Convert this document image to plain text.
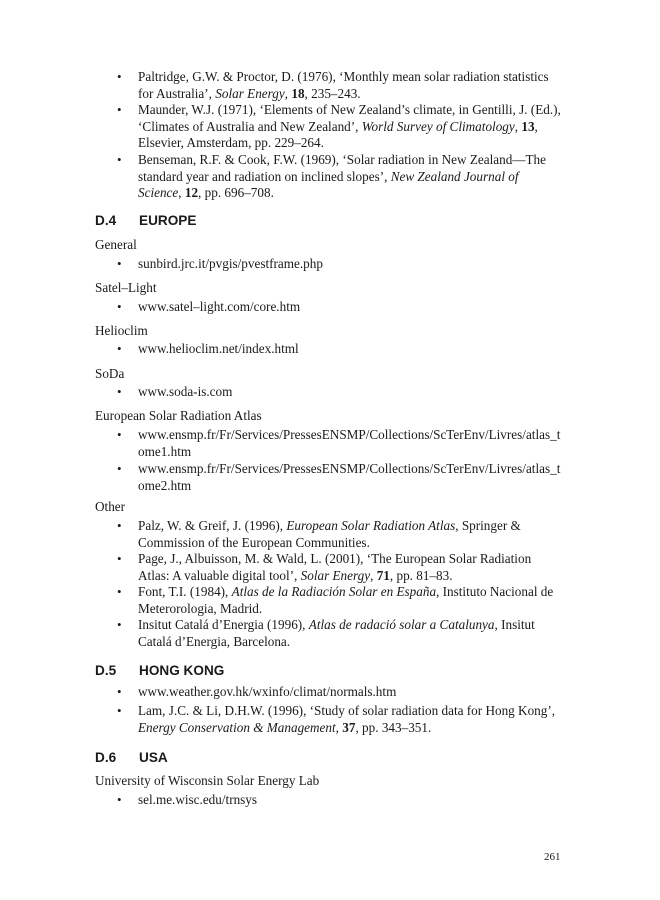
• Paltridge, G.W. & Proctor, D. (1976), ‘Monthly mean solar radiation statistics for Australia’, Solar Energy, 18, 235–243.
• Maunder, W.J. (1971), ‘Elements of New Zealand’s climate, in Gentilli, J. (Ed.), ‘Climates of Australia and New Zealand’, World Survey of Climatology, 13, Elsevier, Amsterdam, pp. 229–264.
• Benseman, R.F. & Cook, F.W. (1969), ‘Solar radiation in New Zealand—The standard year and radiation on inclined slopes’, New Zealand Journal of Science, 12, pp. 696–708.
D.4 EUROPE
General
• sunbird.jrc.it/pvgis/pvestframe.php
Satel–Light
• www.satel–light.com/core.htm
Helioclim
• www.helioclim.net/index.html
SoDa
• www.soda-is.com
European Solar Radiation Atlas
• www.ensmp.fr/Fr/Services/PressesENSMP/Collections/ScTerEnv/Livres/atlas_tome1.htm
• www.ensmp.fr/Fr/Services/PressesENSMP/Collections/ScTerEnv/Livres/atlas_tome2.htm
Other
• Palz, W. & Greif, J. (1996), European Solar Radiation Atlas, Springer & Commission of the European Communities.
• Page, J., Albuisson, M. & Wald, L. (2001), ‘The European Solar Radiation Atlas: A valuable digital tool’, Solar Energy, 71, pp. 81–83.
• Font, T.I. (1984), Atlas de la Radiación Solar en España, Instituto Nacional de Meterorologia, Madrid.
• Insitut Catalá d’Energia (1996), Atlas de radació solar a Catalunya, Insitut Catalá d’Energia, Barcelona.
D.5 HONG KONG
• www.weather.gov.hk/wxinfo/climat/normals.htm
• Lam, J.C. & Li, D.H.W. (1996), ‘Study of solar radiation data for Hong Kong’, Energy Conservation & Management, 37, pp. 343–351.
D.6 USA
University of Wisconsin Solar Energy Lab
• sel.me.wisc.edu/trnsys
261
